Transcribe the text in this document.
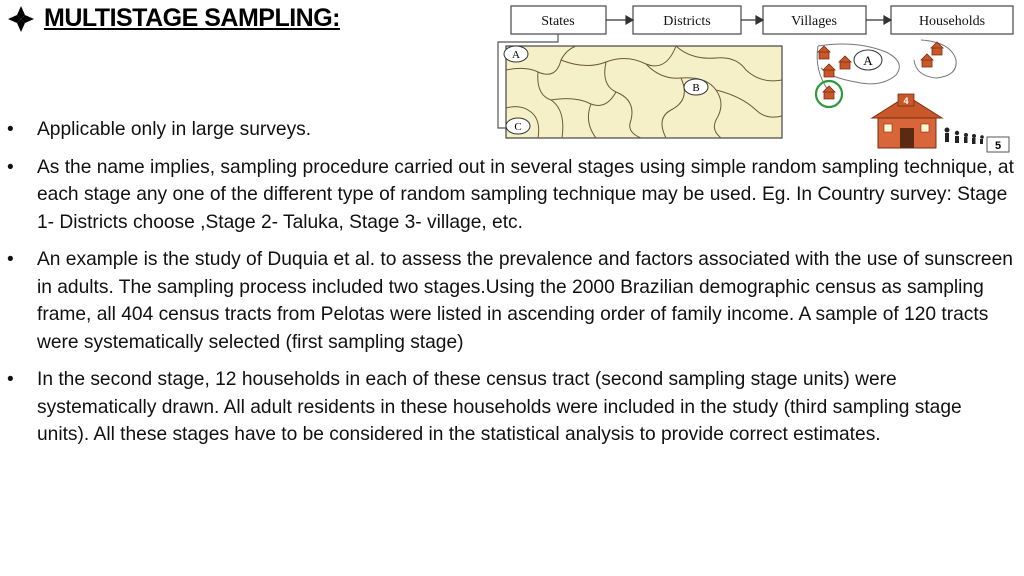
MULTISTAGE SAMPLING:	States	Districts	Villages	Households
A
B
C
A
4
5
• Applicable only in large surveys.
• As the name implies, sampling procedure carried out in several stages using simple random sampling technique, at each stage any one of the different type of random sampling technique may be used. Eg. In Country survey: Stage 1- Districts choose ,Stage 2- Taluka, Stage 3- village, etc.
• An example is the study of Duquia et al. to assess the prevalence and factors associated with the use of sunscreen in adults. The sampling process included two stages.Using the 2000 Brazilian demographic census as sampling frame, all 404 census tracts from Pelotas were listed in ascending order of family income. A sample of 120 tracts were systematically selected (first sampling stage)
• In the second stage, 12 households in each of these census tract (second sampling stage units) were systematically drawn. All adult residents in these households were included in the study (third sampling stage units). All these stages have to be considered in the statistical analysis to provide correct estimates.
